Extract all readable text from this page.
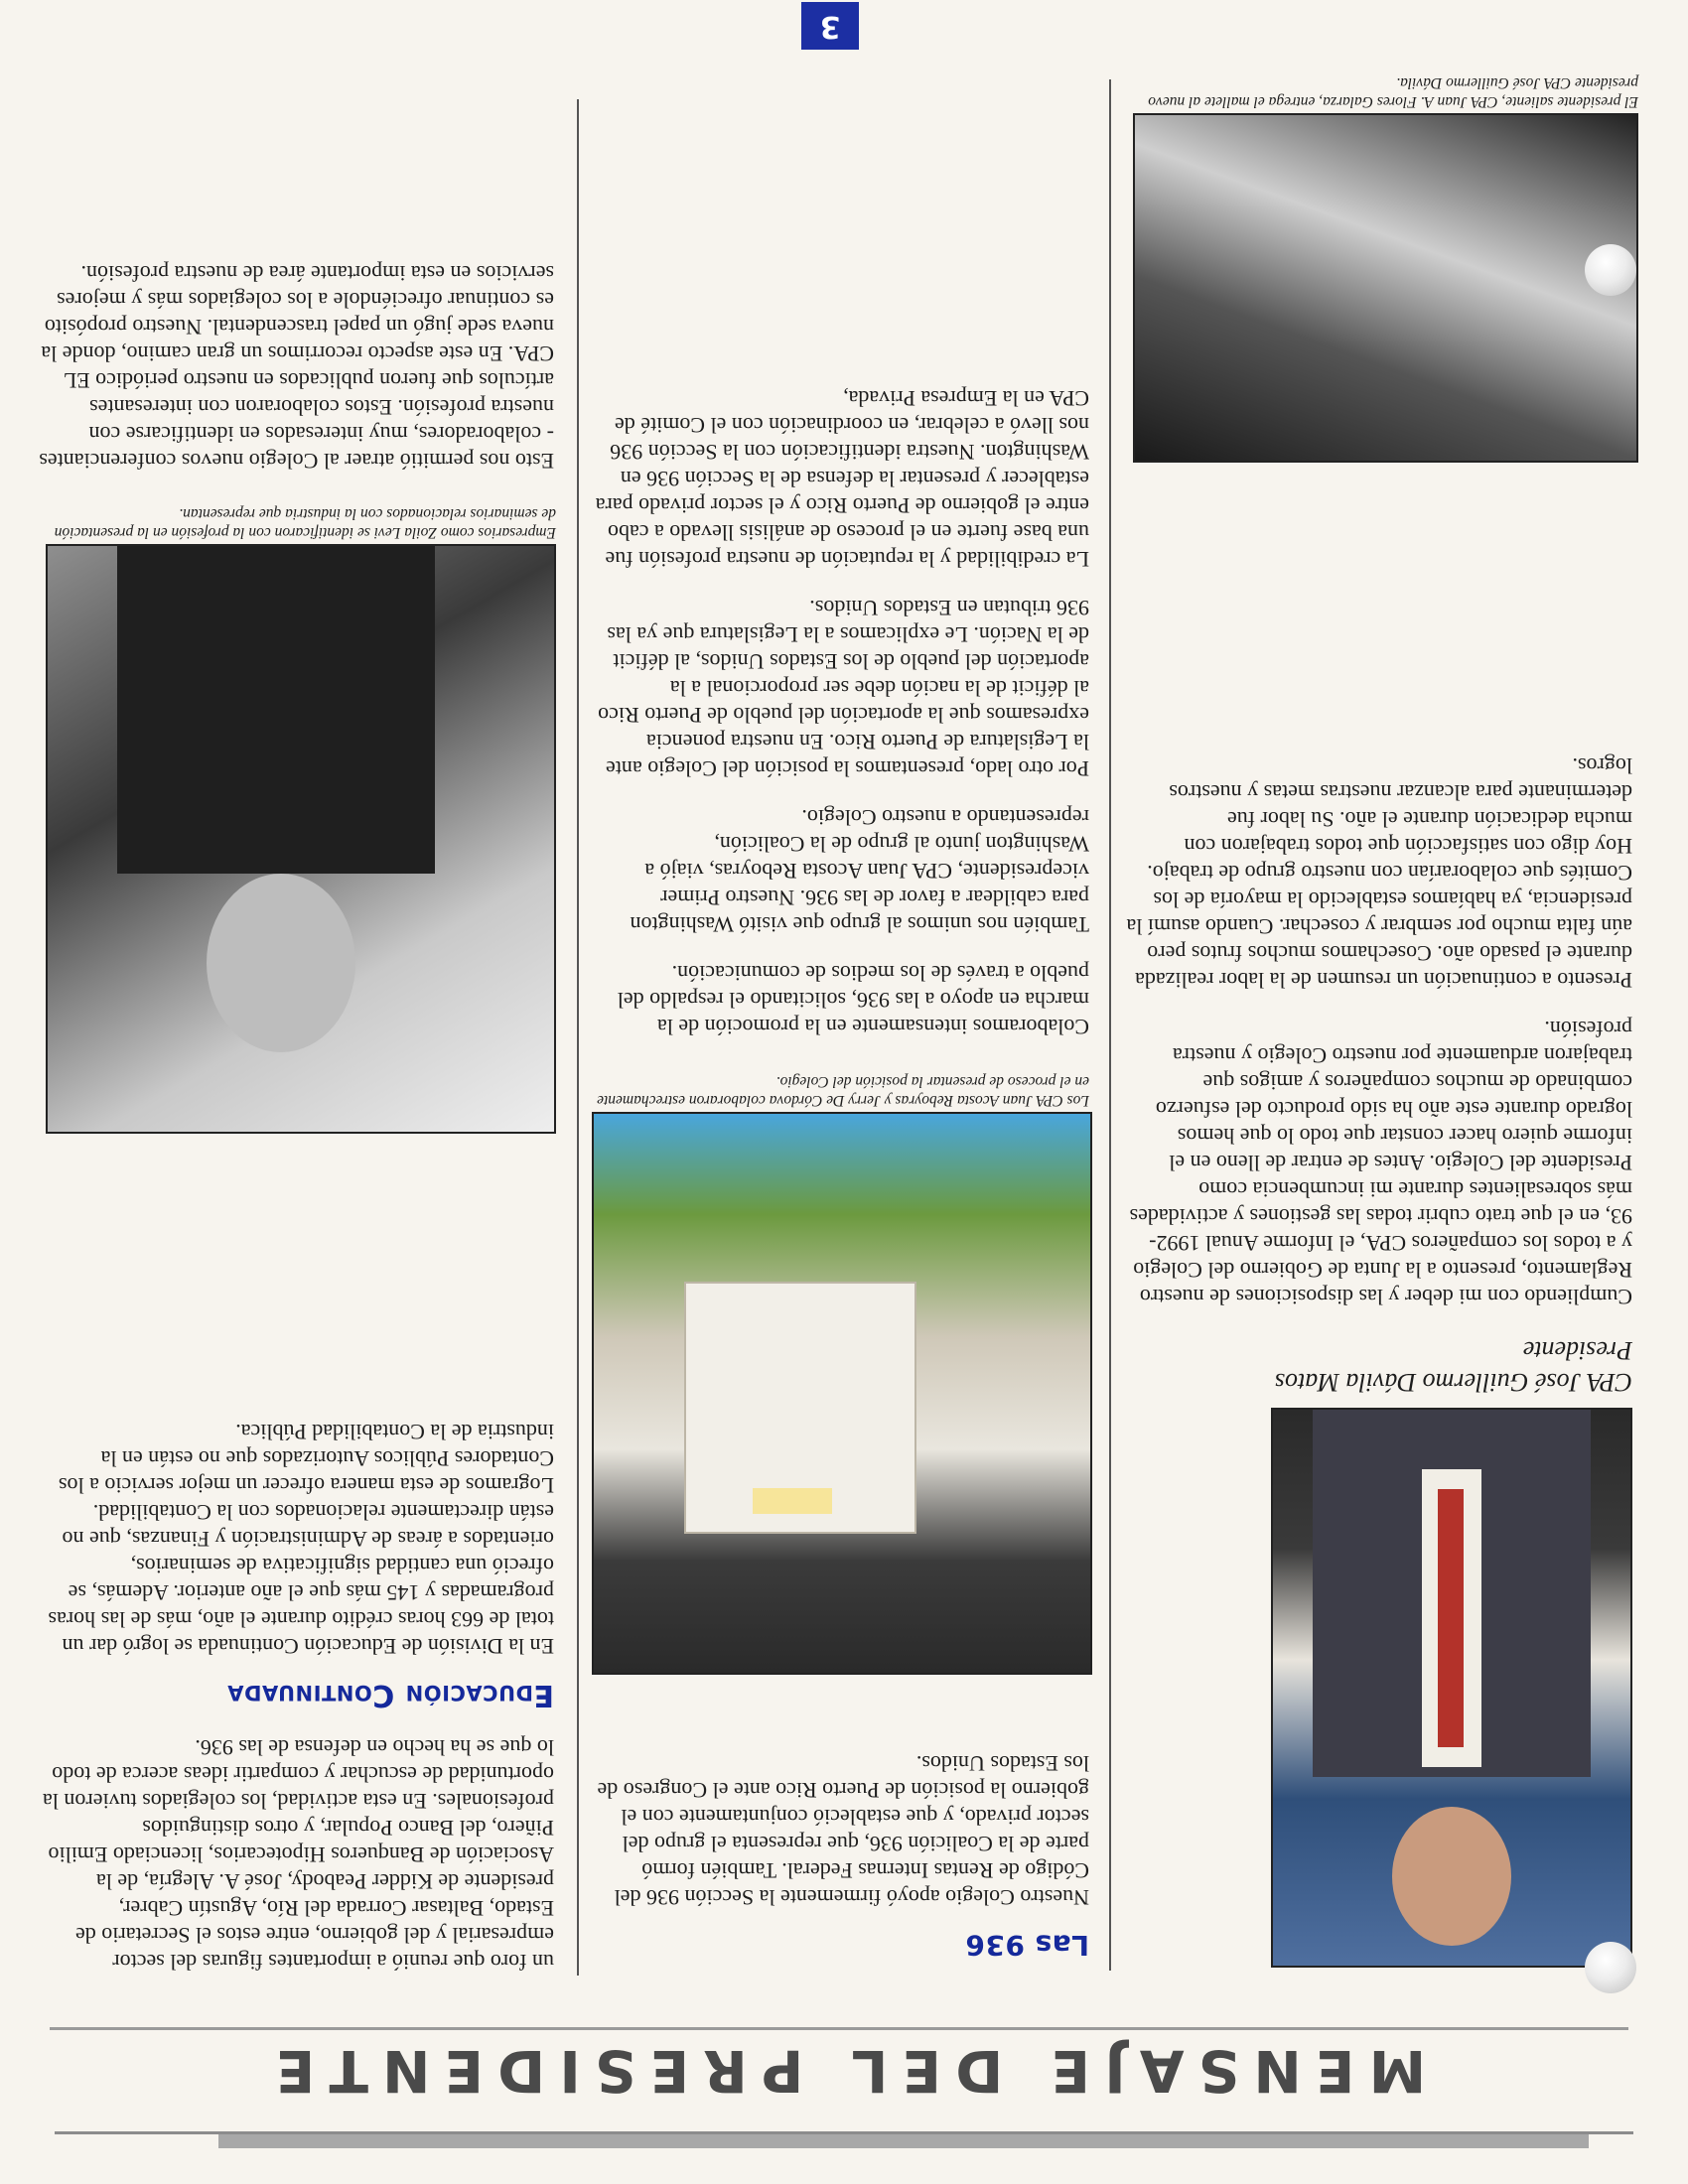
MENSAJE DEL PRESIDENTE

CPA José Guillermo Dávila Matos

Presidente

Cumpliendo con mi deber y las disposiciones de nuestro Reglamento, presento a la Junta de Gobierno del Colegio y a todos los compañeros CPA, el Informe Anual 1992-93, en el que trato cubrir todas las gestiones y actividades más sobresalientes durante mi incumbencia como Presidente del Colegio. Antes de entrar de lleno en el informe quiero hacer constar que todo lo que hemos logrado durante este año ha sido producto del esfuerzo combinado de muchos compañeros y amigos que trabajaron arduamente por nuestro Colegio y nuestra profesión.

Presento a continuación un resumen de la labor realizada durante el pasado año. Cosechamos muchos frutos pero aún falta mucho por sembrar y cosechar. Cuando asumí la presidencia, ya habíamos establecido la mayoría de los Comités que colaborarían con nuestro grupo de trabajo. Hoy digo con satisfacción que todos trabajaron con mucha dedicación durante el año. Su labor fue determinante para alcanzar nuestras metas y nuestros logros.

El presidente saliente, CPA Juan A. Flores Galarza, entrega el mallete al nuevo presidente CPA José Guillermo Dávila.

Las 936

Nuestro Colegio apoyó firmemente la Sección 936 del Código de Rentas Internas Federal. También formó parte de la Coalición 936, que representa el grupo del sector privado, y que estableció conjuntamente con el gobierno la posición de Puerto Rico ante el Congreso de los Estados Unidos.

Los CPA Juan Acosta Reboyras y Jerry De Córdova colaboraron estrechamente en el proceso de presentar la posición del Colegio.

Colaboramos intensamente en la promoción de la marcha en apoyo a las 936, solicitando el respaldo del pueblo a través de los medios de comunicación.

También nos unimos al grupo que visitó Washington para cabildear a favor de las 936. Nuestro Primer vicepresidente, CPA Juan Acosta Reboyras, viajó a Washington junto al grupo de la Coalición, representando a nuestro Colegio.

Por otro lado, presentamos la posición del Colegio ante la Legislatura de Puerto Rico. En nuestra ponencia expresamos que la aportación del pueblo de Puerto Rico al déficit de la nación debe ser proporcional a la aportación del pueblo de los Estados Unidos, al déficit de la Nación. Le explicamos a la Legislatura que ya las 936 tributan en Estados Unidos.

La credibilidad y la reputación de nuestra profesión fue una base fuerte en el proceso de análisis llevado a cabo entre el gobierno de Puerto Rico y el sector privado para establecer y presentar la defensa de la Sección 936 en Washington. Nuestra identificación con la Sección 936 nos llevó a celebrar, en coordinación con el Comité de CPA en la Empresa Privada,

un foro que reunió a importantes figuras del sector empresarial y del gobierno, entre estos el Secretario de Estado, Baltasar Corrada del Río, Agustín Cabrer, presidente de Kidder Peabody, José A. Alegría, de la Asociación de Banqueros Hipotecarios, licenciado Emilio Piñero, del Banco Popular, y otros distinguidos profesionales. En esta actividad, los colegiados tuvieron la oportunidad de escuchar y compartir ideas acerca de todo lo que se ha hecho en defensa de las 936.

Educación Continuada

En la División de Educación Continuada se logró dar un total de 663 horas crédito durante el año, más de las horas programadas y 145 más que el año anterior. Además, se ofreció una cantidad significativa de seminarios, orientados a áreas de Administración y Finanzas, que no están directamente relacionados con la Contabilidad. Logramos de esta manera ofrecer un mejor servicio a los Contadores Públicos Autorizados que no están en la industria de la Contabilidad Pública.

Empresarios como Zoila Levi se identificaron con la profesión en la presentación de seminarios relacionados con la industria que representan.

Esto nos permitió atraer al Colegio nuevos conferenciantes - colaboradores, muy interesados en identificarse con nuestra profesión. Estos colaboraron con interesantes artículos que fueron publicados en nuestro periódico EL CPA. En este aspecto recorrimos un gran camino, donde la nueva sede jugó un papel trascendental. Nuestro propósito es continuar ofreciéndole a los colegiados más y mejores servicios en esta importante área de nuestra profesión.

3
